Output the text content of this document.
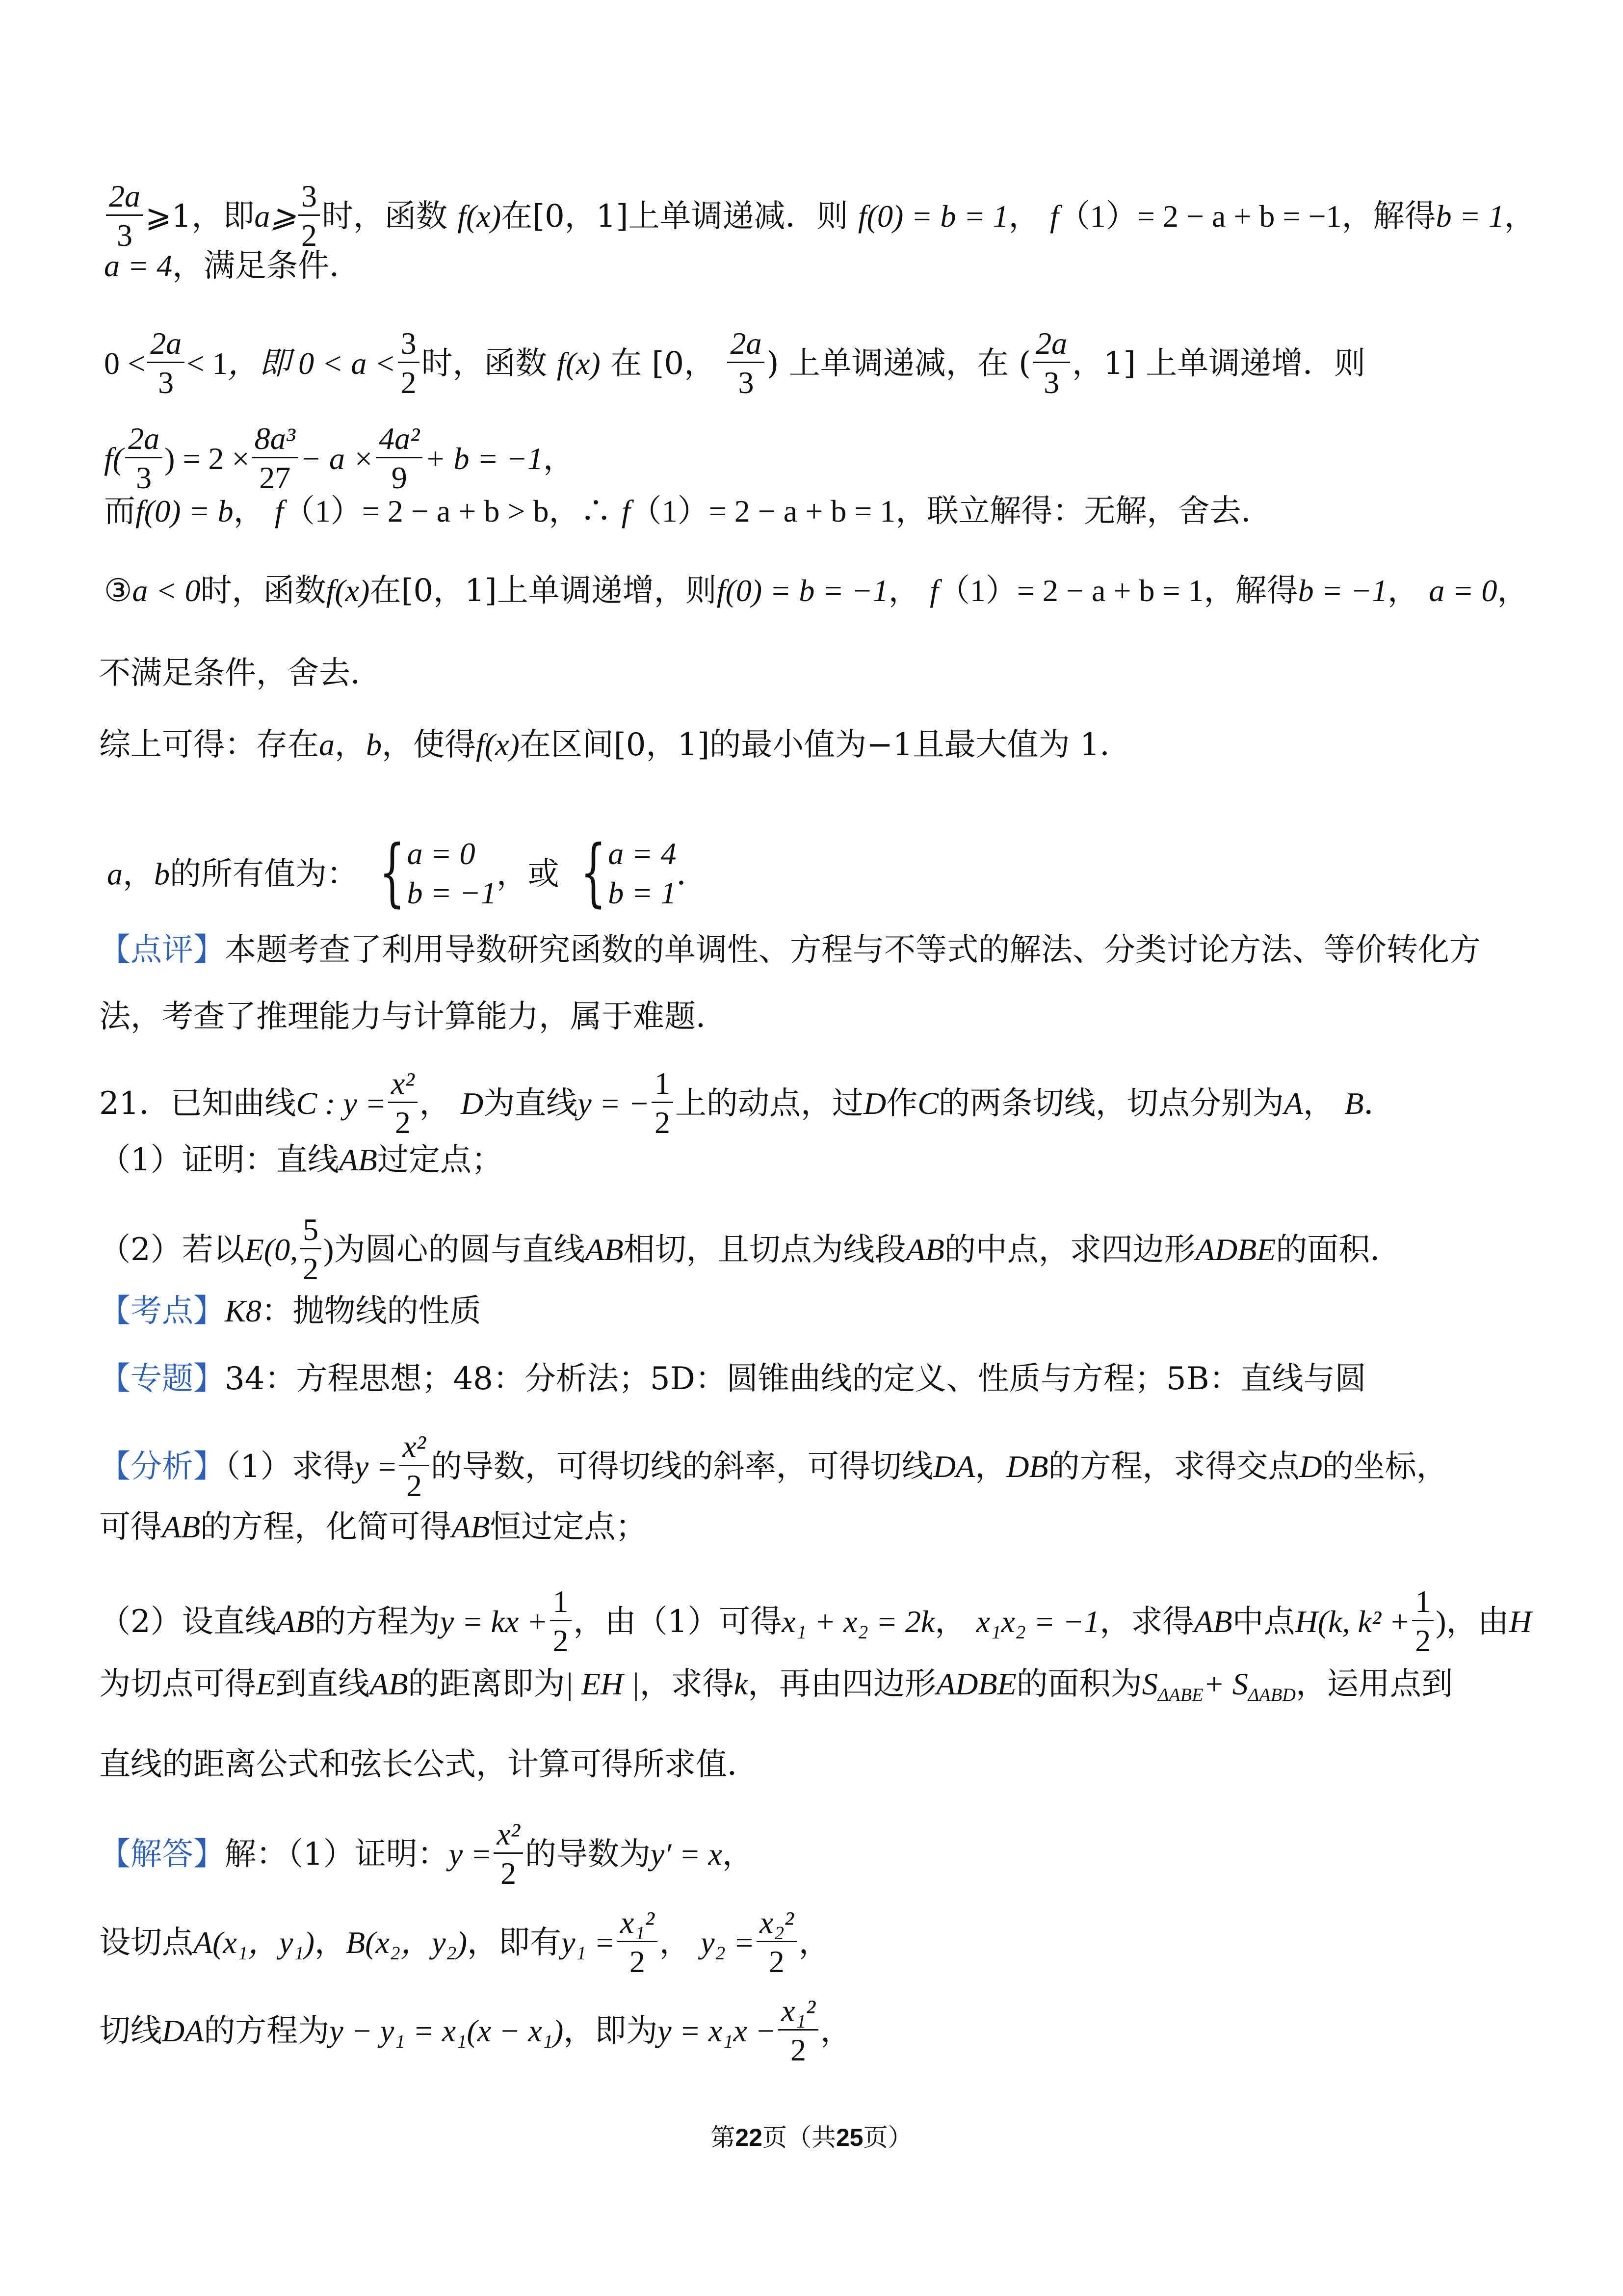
$\frac{2a}{3}$ ⩾1，即a⩾ $\frac{3}{2}$ 时，函数 f(x)在[0，1]上单调递减．则 f(0) = b = 1， f（1）= 2 − a + b = −1，解得b = 1，
a = 4，满足条件．
$0 < \frac{2a}{3} < 1$，即 $0 < a < \frac{3}{2}$ 时，函数 f(x) 在 [0， $\frac{2a}{3}$ ) 上单调递减，在 ( $\frac{2a}{3}$ ，1] 上单调递增．则
$f( \frac{2a}{3}$ ) = $2 \times \frac{\text{8a³}}{27} - a \times \frac{\text{4a²}}{9} + b = -1$，
而f(0) = b， f（1）= 2 − a + b > b，∴ f（1）= 2 − a + b = 1，联立解得：无解，舍去．
③a < 0时，函数f(x)在[0，1]上单调递增，则f(0) = b = −1， f（1）= 2 − a + b = 1，解得b = −1， a = 0，
不满足条件，舍去．
综上可得：存在a，b，使得f(x)在区间[0，1]的最小值为−1且最大值为 1．
a，b的所有值为： { a = 0
b = −1
，或 { a = 4
b = 1
．
【点评】本题考查了利用导数研究函数的单调性、方程与不等式的解法、分类讨论方法、等价转化方
法，考查了推理能力与计算能力，属于难题．
21．已知曲线C : $y = \frac{\text{x²}}{2}$ ， D为直线y = − $\frac{1}{2}$ 上的动点，过D作C的两条切线，切点分别为A， B．
（1）证明：直线AB过定点；
（2）若以E(0, $\frac{5}{2}$ )为圆心的圆与直线AB相切，且切点为线段AB的中点，求四边形ADBE的面积．
【考点】K8：抛物线的性质
【专题】34：方程思想；48：分析法；5D：圆锥曲线的定义、性质与方程；5B：直线与圆
【分析】（1）求得$y = \frac{\text{x²}}{2}$ 的导数，可得切线的斜率，可得切线DA，DB的方程，求得交点D的坐标，
可得AB的方程，化简可得AB恒过定点；
（2）设直线AB的方程为y = kx + $\frac{1}{2}$ ，由（1）可得x₁ + x₂ = 2k， x₁x₂ = −1，求得AB中点H(k, $k^2 + \frac{1}{2}$ )，由H
为切点可得E到直线AB的距离即为| EH |，求得k，再由四边形ADBE的面积为$S_{\Delta ABE}+ S_{\Delta ABD}$，运用点到
直线的距离公式和弦长公式，计算可得所求值．
【解答】解：（1）证明：$y = \frac{\text{x²}}{2}$ 的导数为y′ = x，
设切点A(x₁，y₁)，B(x₂，y₂)，即有$y_1 = \frac{\text{x₁²}}{2}$ ， $y_2 = \frac{\text{x₂²}}{2}$ ，
切线DA的方程为y − y₁ = x₁(x − x₁)，即为$y = x_1x - \frac{\text{x₁²}}{2}$ ，
第22页（共25页）
